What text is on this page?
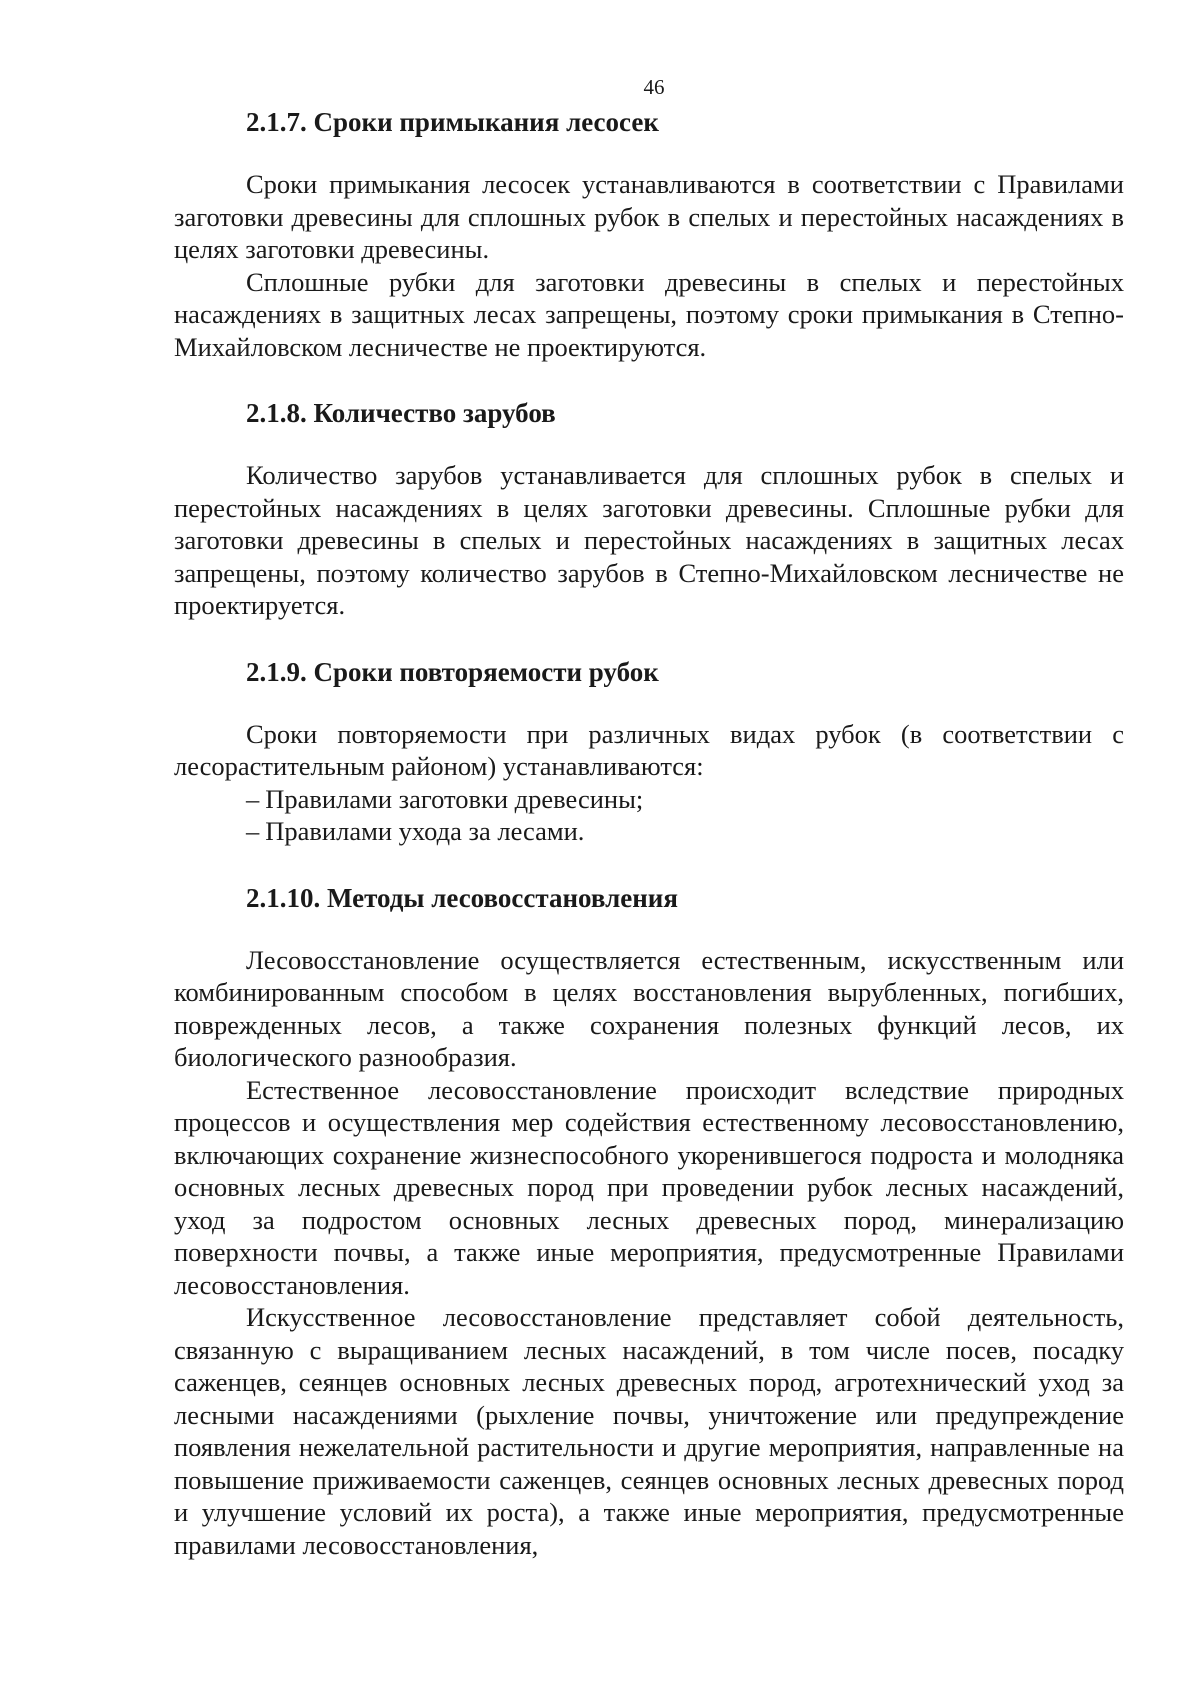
46
2.1.7. Сроки примыкания лесосек

Сроки примыкания лесосек устанавливаются в соответствии с Правилами заготовки древесины для сплошных рубок в спелых и перестойных насаждениях в целях заготовки древесины.

Сплошные рубки для заготовки древесины в спелых и перестойных насаждениях в защитных лесах запрещены, поэтому сроки примыкания в Степно-Михайловском лесничестве не проектируются.

2.1.8. Количество зарубов

Количество зарубов устанавливается для сплошных рубок в спелых и перестойных насаждениях в целях заготовки древесины. Сплошные рубки для заготовки древесины в спелых и перестойных насаждениях в защитных лесах запрещены, поэтому количество зарубов в Степно-Михайловском лесничестве не проектируется.

2.1.9. Сроки повторяемости рубок

Сроки повторяемости при различных видах рубок (в соответствии с лесорастительным районом) устанавливаются:

– Правилами заготовки древесины;
– Правилами ухода за лесами.
2.1.10. Методы лесовосстановления

Лесовосстановление осуществляется естественным, искусственным или комбинированным способом в целях восстановления вырубленных, погибших, поврежденных лесов, а также сохранения полезных функций лесов, их биологического разнообразия.

Естественное лесовосстановление происходит вследствие природных процессов и осуществления мер содействия естественному лесовосстановлению, включающих сохранение жизнеспособного укоренившегося подроста и молодняка основных лесных древесных пород при проведении рубок лесных насаждений, уход за подростом основных лесных древесных пород, минерализацию поверхности почвы, а также иные мероприятия, предусмотренные Правилами лесовосстановления.

Искусственное лесовосстановление представляет собой деятельность, связанную с выращиванием лесных насаждений, в том числе посев, посадку саженцев, сеянцев основных лесных древесных пород, агротехнический уход за лесными насаждениями (рыхление почвы, уничтожение или предупреждение появления нежелательной растительности и другие мероприятия, направленные на повышение приживаемости саженцев, сеянцев основных лесных древесных пород и улучшение условий их роста), а также иные мероприятия, предусмотренные правилами лесовосстановления,
